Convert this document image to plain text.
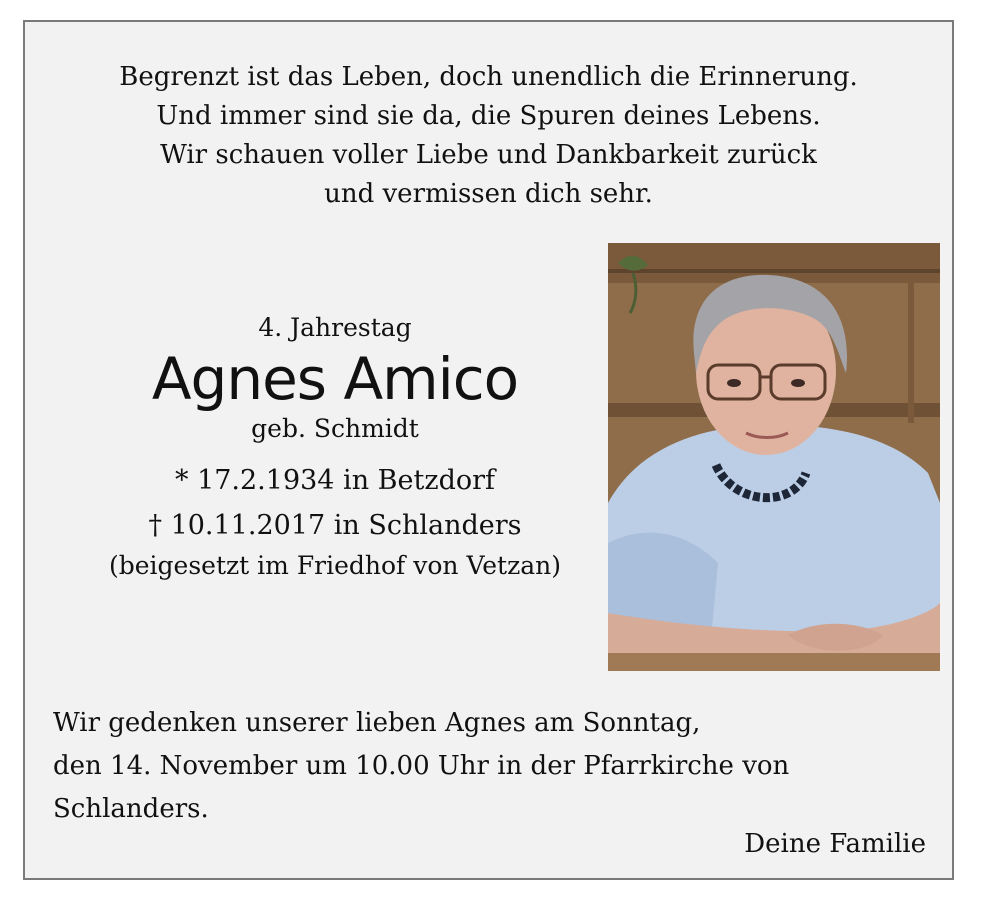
Begrenzt ist das Leben, doch unendlich die Erinnerung.
Und immer sind sie da, die Spuren deines Lebens.
Wir schauen voller Liebe und Dankbarkeit zurück
und vermissen dich sehr.
4. Jahrestag
Agnes Amico
geb. Schmidt
* 17.2.1934 in Betzdorf
† 10.11.2017 in Schlanders
(beigesetzt im Friedhof von Vetzan)
Wir gedenken unserer lieben Agnes am Sonntag,
den 14. November um 10.00 Uhr in der Pfarrkirche von
Schlanders.
Deine Familie
